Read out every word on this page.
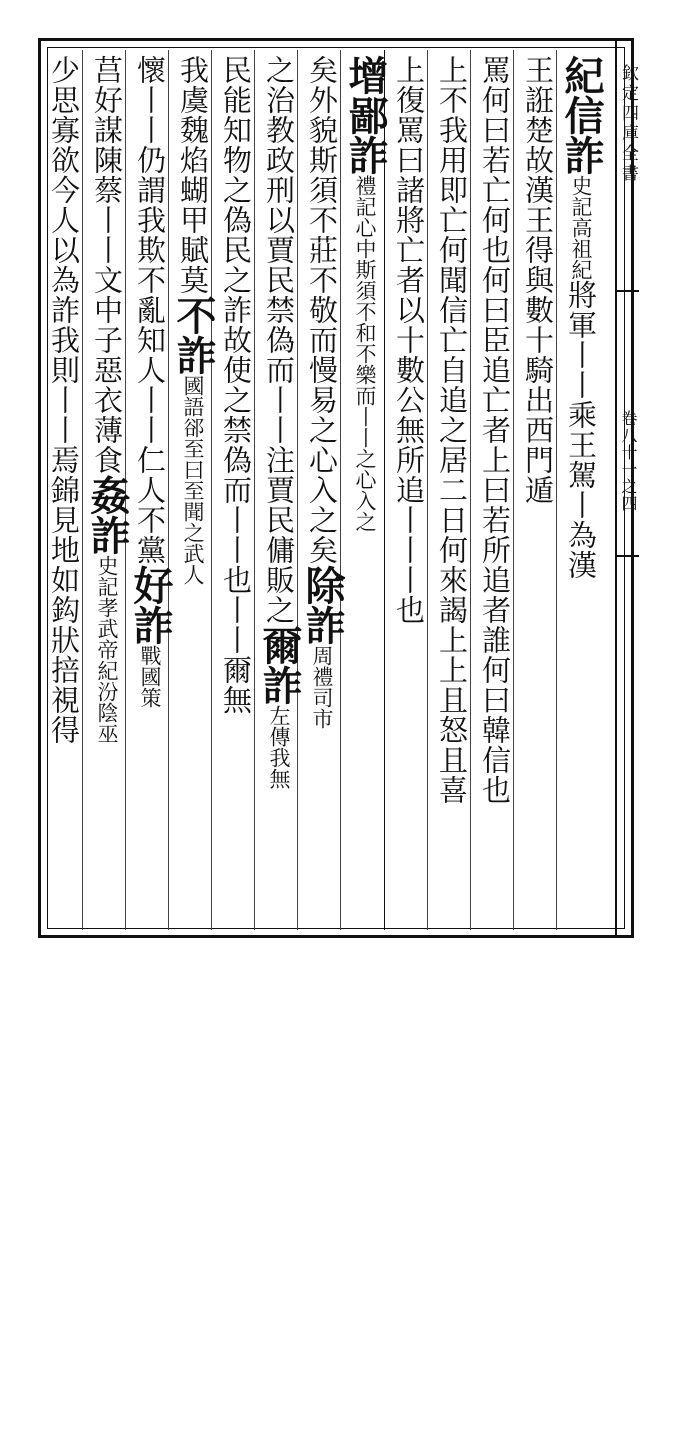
欽定四庫全書
卷八十一之四
紀信詐史記高祖紀將軍丨丨乘王駕丨為漢
王誑楚故漢王得與數十騎出西門遁
罵何曰若亡何也何曰臣追亡者上曰若所追者誰何曰韓信也
上不我用即亡何聞信亡自追之居二日何來謁上上且怒且喜
上復罵曰諸將亡者以十數公無所追丨丨丨也
增鄙詐禮記心中斯須不和不樂而丨丨之心入之
矣外貌斯須不莊不敬而慢易之心入之矣除詐周禮司市
之治教政刑以賈民禁偽而丨丨注賈民傭販之爾詐左傳我無
民能知物之偽民之詐故使之禁偽而丨丨也丨丨爾無
我虞魏焰蝴甲賦莫不詐國語郤至曰至聞之武人
懷丨丨仍謂我欺不亂知人丨丨仁人不黨好詐戰國策
莒好謀陳蔡丨丨文中子惡衣薄食姦詐史記孝武帝紀汾陰巫
少思寡欲今人以為詐我則丨丨焉錦見地如鈎狀掊視得
